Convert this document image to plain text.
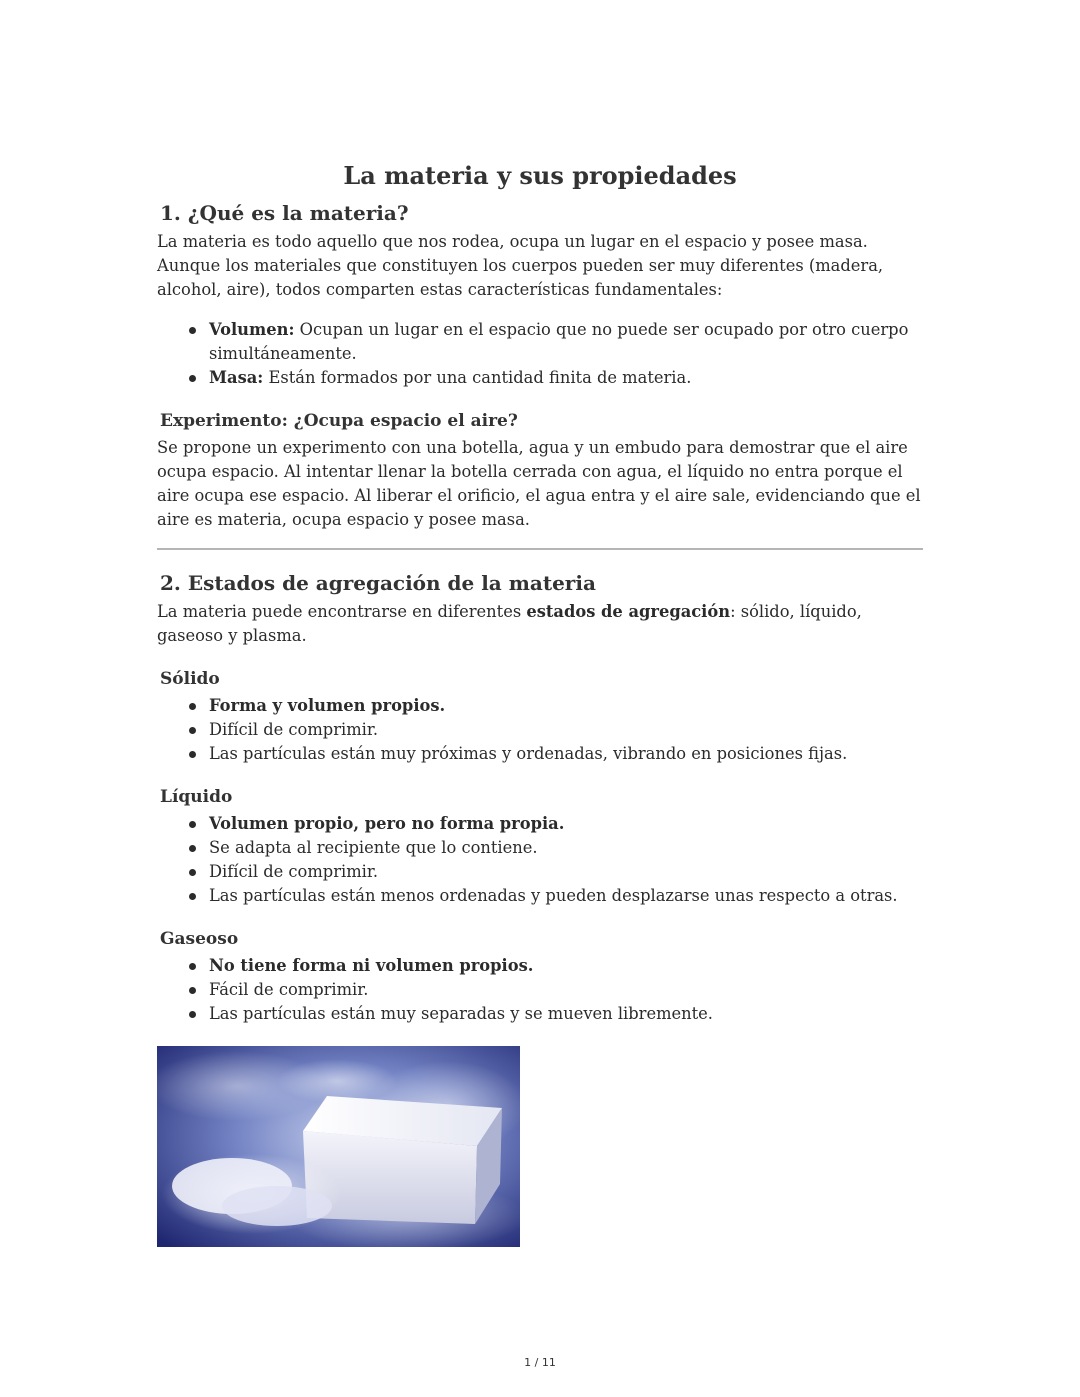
La materia y sus propiedades
1. ¿Qué es la materia?

La materia es todo aquello que nos rodea, ocupa un lugar en el espacio y posee masa. Aunque los materiales que constituyen los cuerpos pueden ser muy diferentes (madera, alcohol, aire), todos comparten estas características fundamentales:

Volumen: Ocupan un lugar en el espacio que no puede ser ocupado por otro cuerpo simultáneamente.
Masa: Están formados por una cantidad finita de materia.
Experimento: ¿Ocupa espacio el aire?

Se propone un experimento con una botella, agua y un embudo para demostrar que el aire ocupa espacio. Al intentar llenar la botella cerrada con agua, el líquido no entra porque el aire ocupa ese espacio. Al liberar el orificio, el agua entra y el aire sale, evidenciando que el aire es materia, ocupa espacio y posee masa.

2. Estados de agregación de la materia

La materia puede encontrarse en diferentes estados de agregación: sólido, líquido, gaseoso y plasma.

Sólido
Forma y volumen propios.
Difícil de comprimir.
Las partículas están muy próximas y ordenadas, vibrando en posiciones fijas.
Líquido
Volumen propio, pero no forma propia.
Se adapta al recipiente que lo contiene.
Difícil de comprimir.
Las partículas están menos ordenadas y pueden desplazarse unas respecto a otras.
Gaseoso
No tiene forma ni volumen propios.
Fácil de comprimir.
Las partículas están muy separadas y se mueven libremente.
1 / 11
